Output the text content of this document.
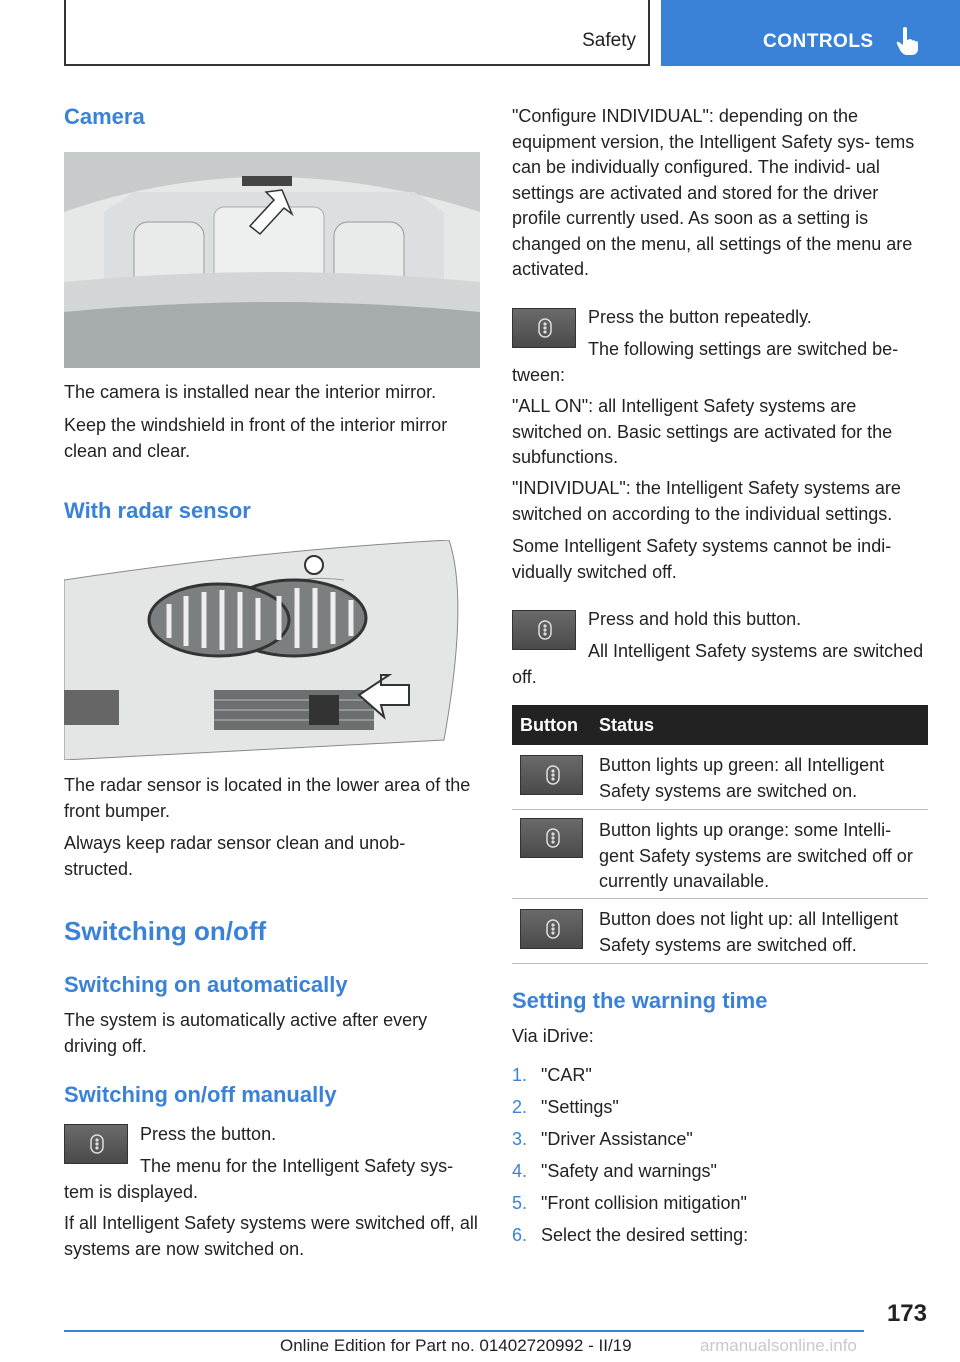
Safety	CONTROLS
Camera
The camera is installed near the interior mirror.
Keep the windshield in front of the interior mirror clean and clear.
With radar sensor
The radar sensor is located in the lower area of the front bumper.
Always keep radar sensor clean and unob- structed.
Switching on/off
Switching on automatically
The system is automatically active after every driving off.
Switching on/off manually
Press the button.
The menu for the Intelligent Safety sys- tem is displayed.
If all Intelligent Safety systems were switched off, all systems are now switched on.
"Configure INDIVIDUAL": depending on the equipment version, the Intelligent Safety sys- tems can be individually configured. The individ- ual settings are activated and stored for the driver profile currently used. As soon as a setting is changed on the menu, all settings of the menu are activated.
Press the button repeatedly.
The following settings are switched be- tween:
"ALL ON": all Intelligent Safety systems are switched on. Basic settings are activated for the subfunctions.
"INDIVIDUAL": the Intelligent Safety systems are switched on according to the individual settings.
Some Intelligent Safety systems cannot be indi- vidually switched off.
Press and hold this button.
All Intelligent Safety systems are switched off.
Button Status
Button lights up green: all Intelligent Safety systems are switched on.
Button lights up orange: some Intelli- gent Safety systems are switched off or currently unavailable.
Button does not light up: all Intelligent Safety systems are switched off.
Setting the warning time
Via iDrive:
1. "CAR"
2. "Settings"
3. "Driver Assistance"
4. "Safety and warnings"
5. "Front collision mitigation"
6. Select the desired setting:
173
Online Edition for Part no. 01402720992 - II/19	armanualsonline.info
